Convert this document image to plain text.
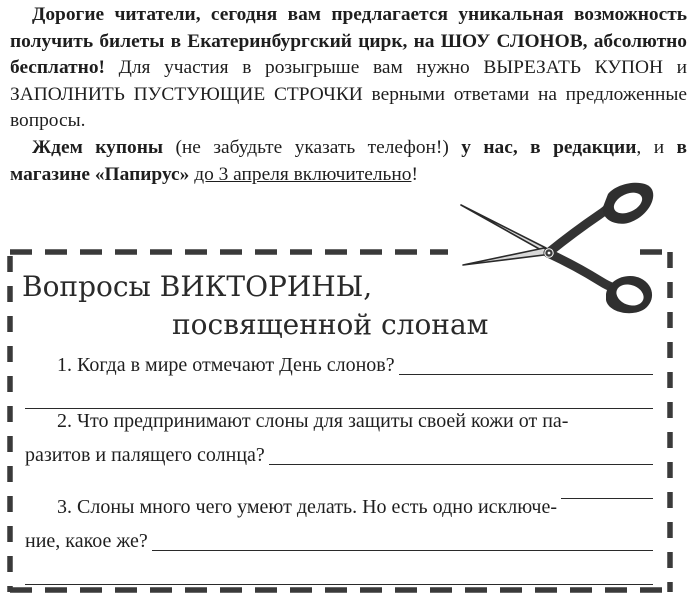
Дорогие читатели, сегодня вам предлагается уникальная возможность получить билеты в Екатеринбургский цирк, на ШОУ СЛОНОВ, абсолютно бесплатно! Для участия в розыгрыше вам нужно ВЫРЕЗАТЬ КУПОН и ЗАПОЛНИТЬ ПУСТУЮЩИЕ СТРОЧКИ верными ответами на предложенные вопросы.

Ждем купоны (не забудьте указать телефон!) у нас, в редакции, и в магазине «Папирус» до 3 апреля включительно!

Вопросы ВИКТОРИНЫ,
посвященной слонам
1. Когда в мире отмечают День слонов?
2. Что предпринимают слоны для защиты своей кожи от па-
разитов и палящего солнца?
3. Слоны много чего умеют делать. Но есть одно исключе-
ние, какое же?
